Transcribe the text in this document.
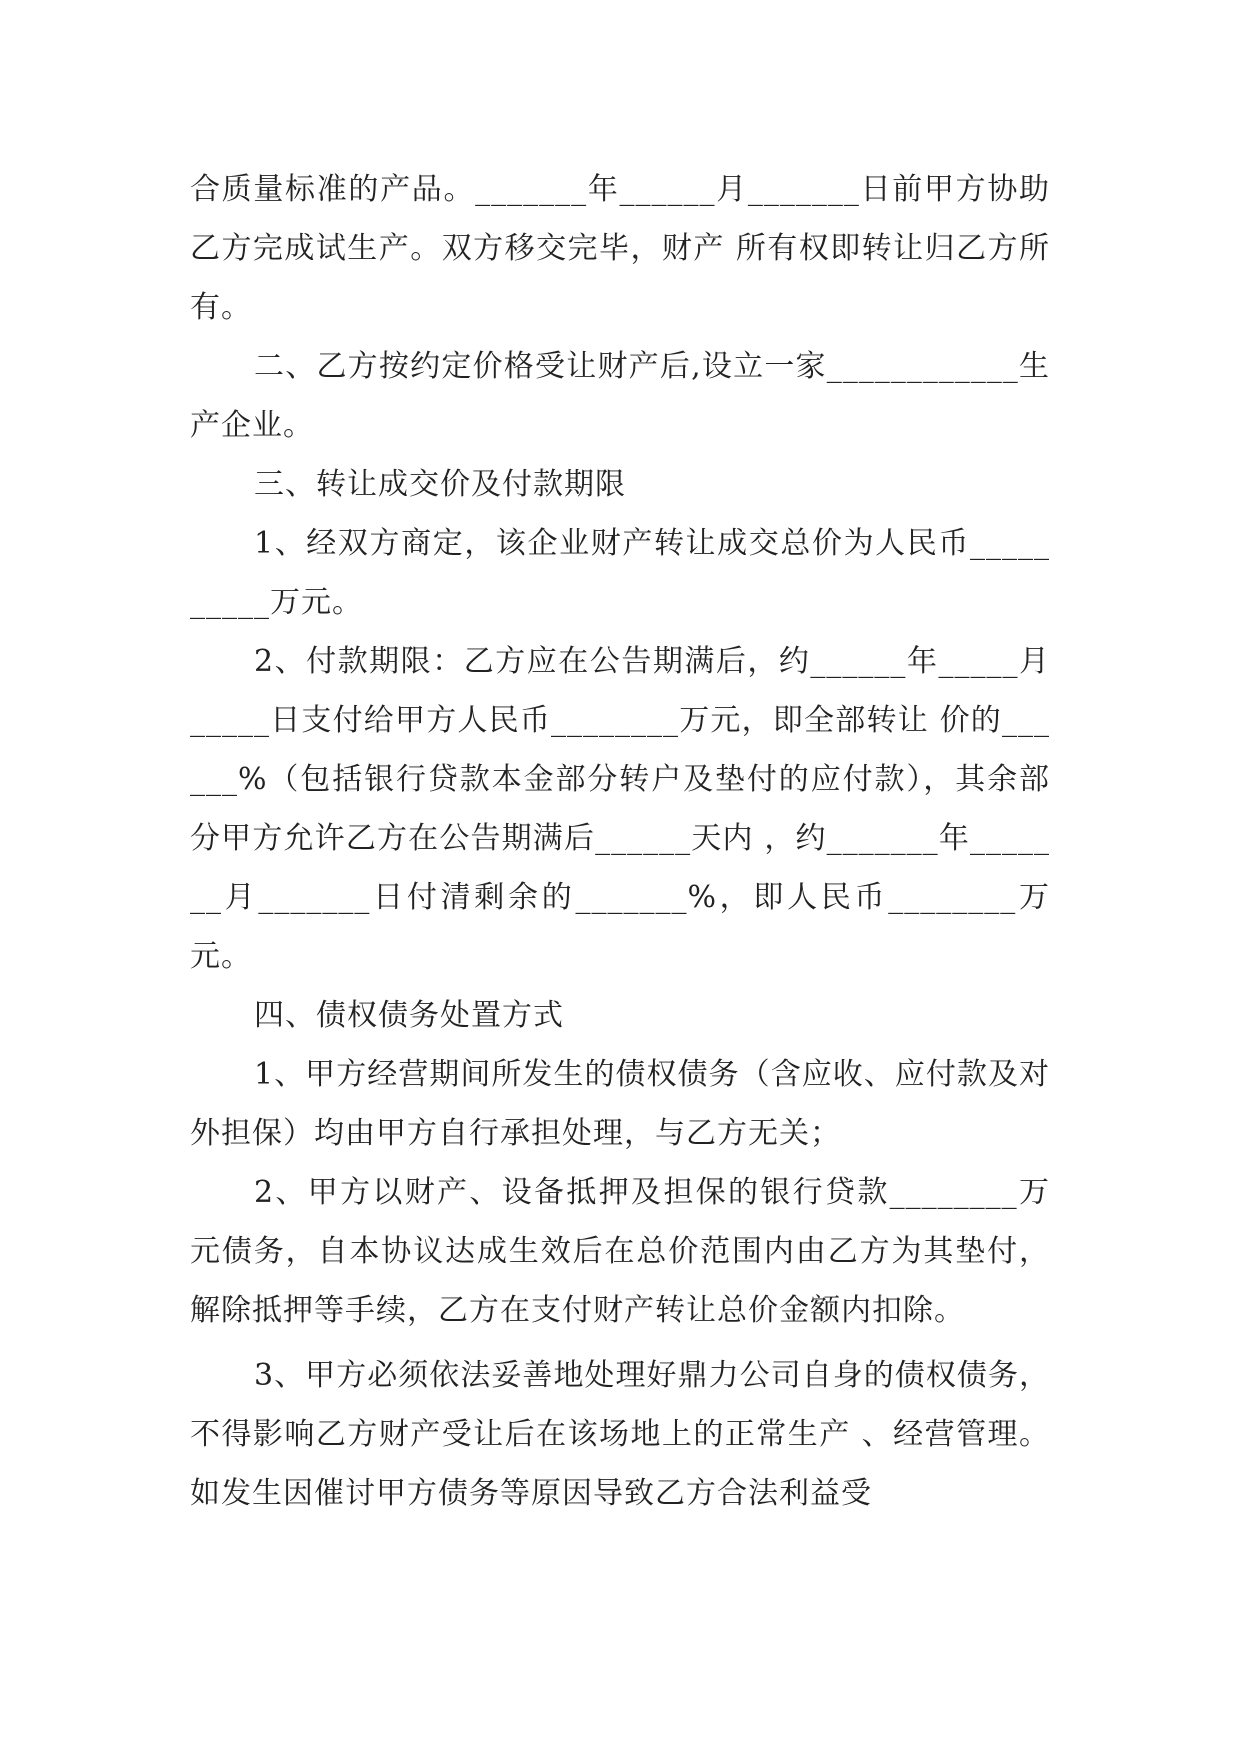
合质量标准的产品。_______年______月_______日前甲方协助乙方完成试生产。双方移交完毕，财产 所有权即转让归乙方所有。

二、乙方按约定价格受让财产后,设立一家____________生产企业。

三、转让成交价及付款期限

1、经双方商定，该企业财产转让成交总价为人民币__________万元。

2、付款期限：乙方应在公告期满后，约______年_____月_____日支付给甲方人民币________万元，即全部转让 价的______%（包括银行贷款本金部分转户及垫付的应付款），其余部分甲方允许乙方在公告期满后______天内 ，约_______年_______月_______日付清剩余的_______%，即人民币________万元。

四、债权债务处置方式

1、甲方经营期间所发生的债权债务（含应收、应付款及对外担保）均由甲方自行承担处理，与乙方无关；

2、甲方以财产、设备抵押及担保的银行贷款________万元债务，自本协议达成生效后在总价范围内由乙方为其垫付，解除抵押等手续，乙方在支付财产转让总价金额内扣除。

3、甲方必须依法妥善地处理好鼎力公司自身的债权债务，不得影响乙方财产受让后在该场地上的正常生产 、经营管理。如发生因催讨甲方债务等原因导致乙方合法利益受
